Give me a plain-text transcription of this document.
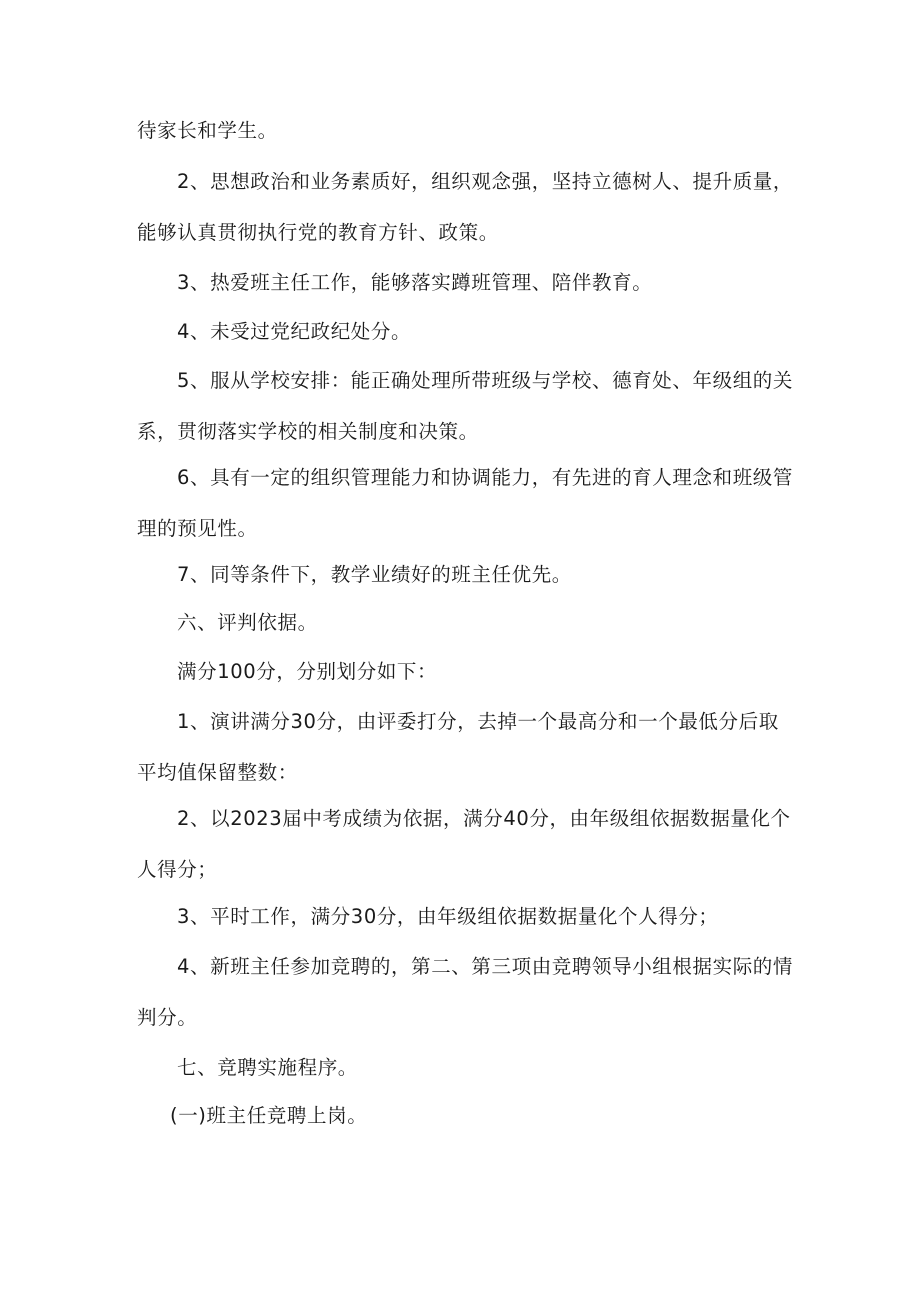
待家长和学生。

2、思想政治和业务素质好，组织观念强，坚持立德树人、提升质量，能够认真贯彻执行党的教育方针、政策。

3、热爱班主任工作，能够落实蹲班管理、陪伴教育。

4、未受过党纪政纪处分。

5、服从学校安排：能正确处理所带班级与学校、德育处、年级组的关系，贯彻落实学校的相关制度和决策。

6、具有一定的组织管理能力和协调能力，有先进的育人理念和班级管理的预见性。

7、同等条件下，教学业绩好的班主任优先。

六、评判依据。

满分100分，分别划分如下：

1、演讲满分30分，由评委打分，去掉一个最高分和一个最低分后取平均值保留整数：

2、以2023届中考成绩为依据，满分40分，由年级组依据数据量化个人得分；

3、平时工作，满分30分，由年级组依据数据量化个人得分；

4、新班主任参加竞聘的，第二、第三项由竞聘领导小组根据实际的情判分。

七、竞聘实施程序。

(一)班主任竞聘上岗。
